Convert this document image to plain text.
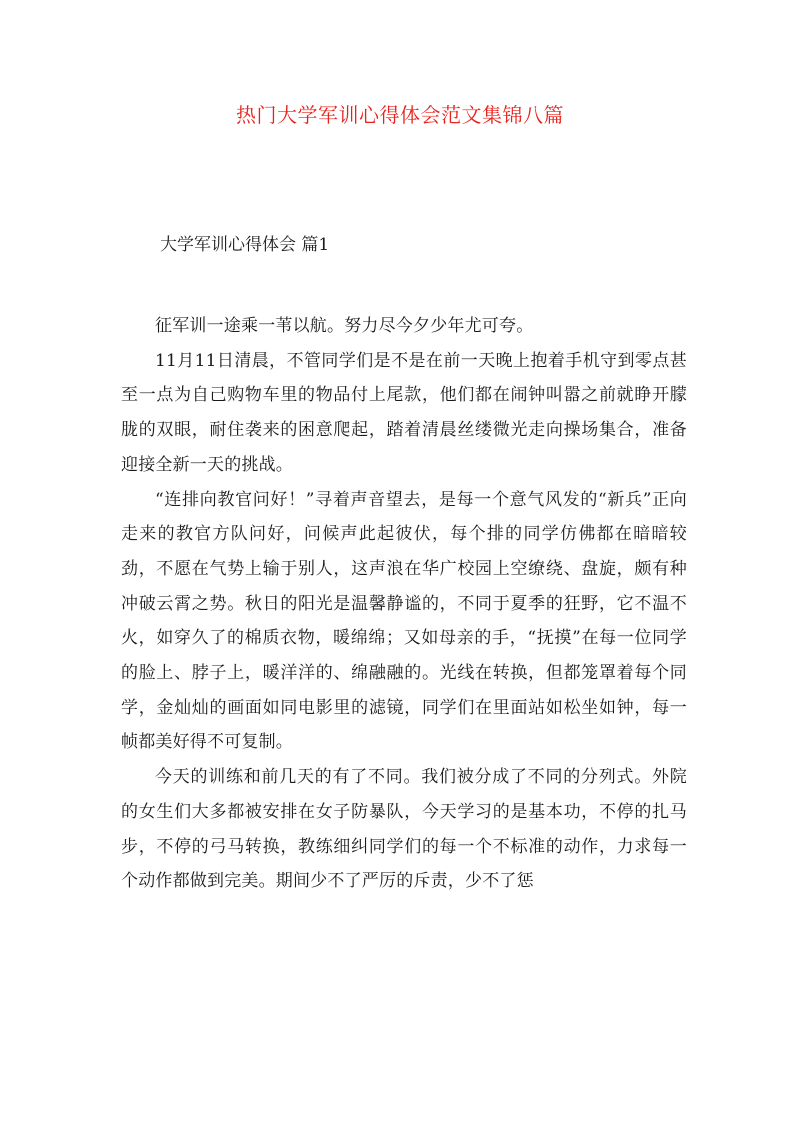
热门大学军训心得体会范文集锦八篇
大学军训心得体会 篇1

征军训一途乘一苇以航。努力尽今夕少年尤可夸。

11月11日清晨，不管同学们是不是在前一天晚上抱着手机守到零点甚至一点为自己购物车里的物品付上尾款，他们都在闹钟叫嚣之前就睁开朦胧的双眼，耐住袭来的困意爬起，踏着清晨丝缕微光走向操场集合，准备迎接全新一天的挑战。

“连排向教官问好！”寻着声音望去，是每一个意气风发的“新兵”正向走来的教官方队问好，问候声此起彼伏，每个排的同学仿佛都在暗暗较劲，不愿在气势上输于别人，这声浪在华广校园上空缭绕、盘旋，颇有种冲破云霄之势。秋日的阳光是温馨静谧的，不同于夏季的狂野，它不温不火，如穿久了的棉质衣物，暖绵绵；又如母亲的手，“抚摸”在每一位同学的脸上、脖子上，暖洋洋的、绵融融的。光线在转换，但都笼罩着每个同学，金灿灿的画面如同电影里的滤镜，同学们在里面站如松坐如钟，每一帧都美好得不可复制。

今天的训练和前几天的有了不同。我们被分成了不同的分列式。外院的女生们大多都被安排在女子防暴队，今天学习的是基本功，不停的扎马步，不停的弓马转换，教练细纠同学们的每一个不标准的动作，力求每一个动作都做到完美。期间少不了严厉的斥责，少不了惩
